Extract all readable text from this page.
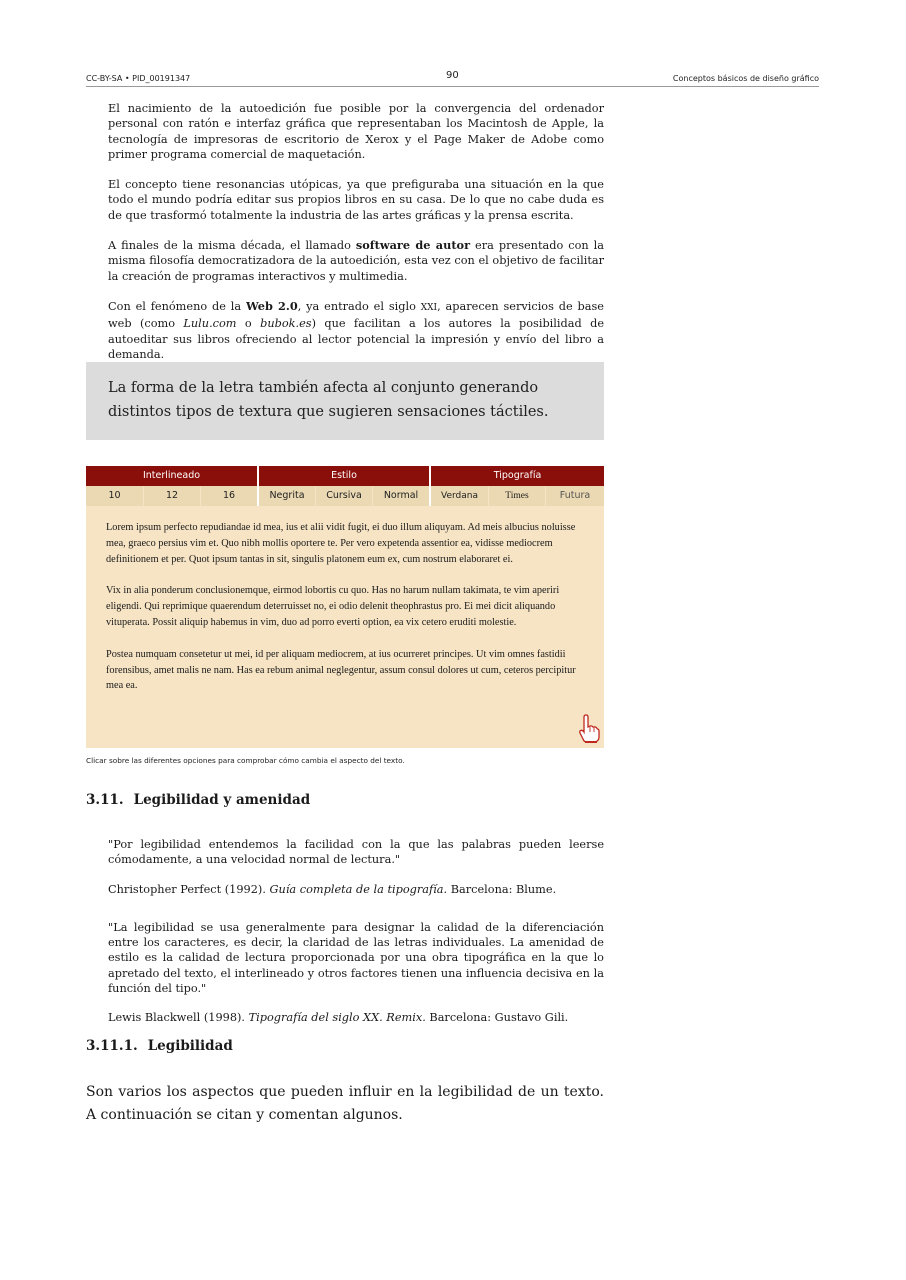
CC-BY-SA • PID_00191347	90	Conceptos básicos de diseño gráfico

El nacimiento de la autoedición fue posible por la convergencia del ordenador personal con ratón e interfaz gráfica que representaban los Macintosh de Apple, la tecnología de impresoras de escritorio de Xerox y el Page Maker de Adobe como primer programa comercial de maquetación.

El concepto tiene resonancias utópicas, ya que prefiguraba una situación en la que todo el mundo podría editar sus propios libros en su casa. De lo que no cabe duda es de que trasformó totalmente la industria de las artes gráficas y la prensa escrita.

A finales de la misma década, el llamado software de autor era presentado con la misma filosofía democratizadora de la autoedición, esta vez con el objetivo de facilitar la creación de programas interactivos y multimedia.

Con el fenómeno de la Web 2.0, ya entrado el siglo XXI, aparecen servicios de base web (como Lulu.com o bubok.es) que facilitan a los autores la posibilidad de autoeditar sus libros ofreciendo al lector potencial la impresión y envío del libro a demanda.

La forma de la letra también afecta al conjunto generando distintos tipos de textura que sugieren sensaciones táctiles.

Interlineado	Estilo	Tipografía
10	12	16	Negrita	Cursiva	Normal	Verdana	Times	Futura

Lorem ipsum perfecto repudiandae id mea, ius et alii vidit fugit, ei duo illum aliquyam. Ad meis albucius noluisse mea, graeco persius vim et. Quo nibh mollis oportere te. Per vero expetenda assentior ea, vidisse mediocrem definitionem et per. Quot ipsum tantas in sit, singulis platonem eum ex, cum nostrum elaboraret ei.

Vix in alia ponderum conclusionemque, eirmod lobortis cu quo. Has no harum nullam takimata, te vim aperiri eligendi. Qui reprimique quaerendum deterruisset no, ei odio delenit theophrastus pro. Ei mei dicit aliquando vituperata. Possit aliquip habemus in vim, duo ad porro everti option, ea vix cetero eruditi molestie.

Postea numquam consetetur ut mei, id per aliquam mediocrem, at ius ocurreret principes. Ut vim omnes fastidii forensibus, amet malis ne nam. Has ea rebum animal neglegentur, assum consul dolores ut cum, ceteros percipitur mea ea.

Clicar sobre las diferentes opciones para comprobar cómo cambia el aspecto del texto.
3.11. Legibilidad y amenidad

"Por legibilidad entendemos la facilidad con la que las palabras pueden leerse cómodamente, a una velocidad normal de lectura."

Christopher Perfect (1992). Guía completa de la tipografía. Barcelona: Blume.

"La legibilidad se usa generalmente para designar la calidad de la diferenciación entre los caracteres, es decir, la claridad de las letras individuales. La amenidad de estilo es la calidad de lectura proporcionada por una obra tipográfica en la que lo apretado del texto, el interlineado y otros factores tienen una influencia decisiva en la función del tipo."

Lewis Blackwell (1998). Tipografía del siglo XX. Remix. Barcelona: Gustavo Gili.

3.11.1. Legibilidad
Son varios los aspectos que pueden influir en la legibilidad de un texto. A continuación se citan y comentan algunos.
